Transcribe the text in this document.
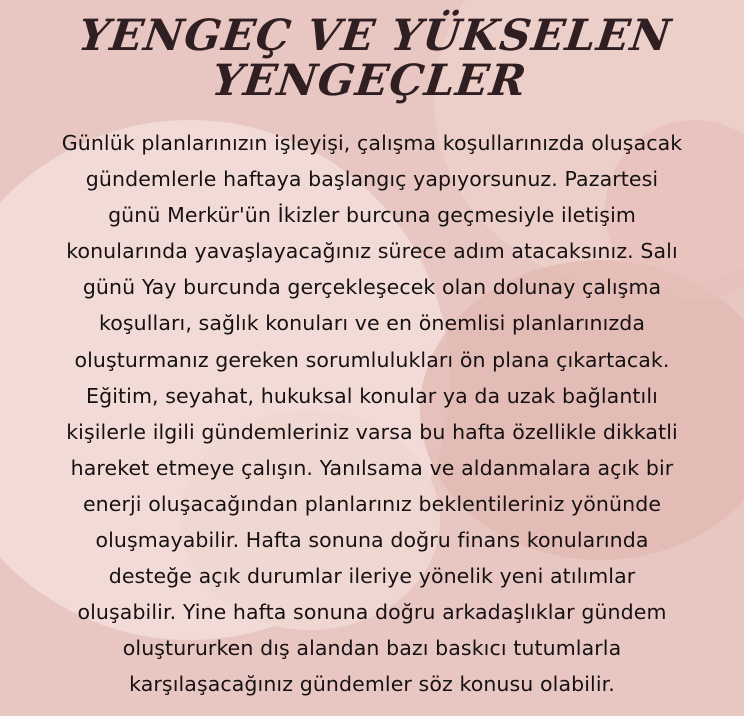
YENGEÇ VE YÜKSELEN
YENGEÇLER
Günlük planlarınızın işleyişi, çalışma koşullarınızda oluşacak
gündemlerle haftaya başlangıç yapıyorsunuz. Pazartesi
günü Merkür'ün İkizler burcuna geçmesiyle iletişim
konularında yavaşlayacağınız sürece adım atacaksınız. Salı
günü Yay burcunda gerçekleşecek olan dolunay çalışma
koşulları, sağlık konuları ve en önemlisi planlarınızda
oluşturmanız gereken sorumlulukları ön plana çıkartacak.
Eğitim, seyahat, hukuksal konular ya da uzak bağlantılı
kişilerle ilgili gündemleriniz varsa bu hafta özellikle dikkatli
hareket etmeye çalışın. Yanılsama ve aldanmalara açık bir
enerji oluşacağından planlarınız beklentileriniz yönünde
oluşmayabilir. Hafta sonuna doğru finans konularında
desteğe açık durumlar ileriye yönelik yeni atılımlar
oluşabilir. Yine hafta sonuna doğru arkadaşlıklar gündem
oluştururken dış alandan bazı baskıcı tutumlarla
karşılaşacağınız gündemler söz konusu olabilir.
